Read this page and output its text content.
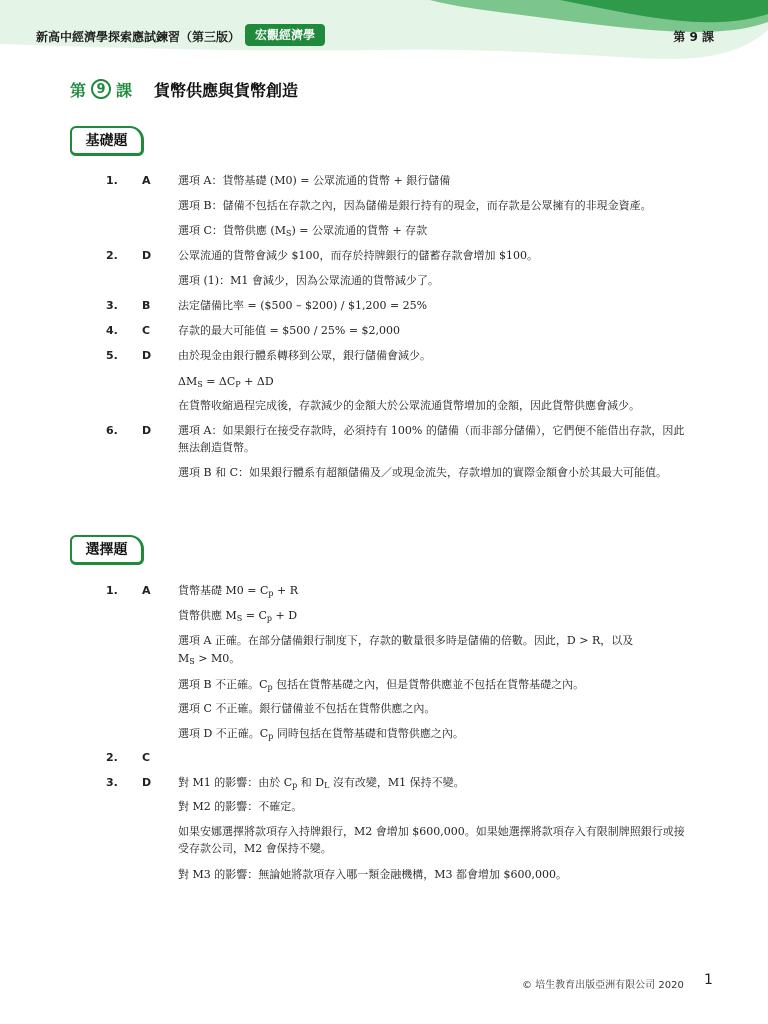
新高中經濟學探索應試鍊習（第三版）	宏觀經濟學	第 9 課
第 9 課 貨幣供應與貨幣創造
基礎題
1.	A 選項 A：貨幣基礎 (M0) = 公眾流通的貨幣 + 銀行儲備
選項 B：儲備不包括在存款之內，因為儲備是銀行持有的現金，而存款是公眾擁有的非現金資產。
選項 C：貨幣供應 $(M_S)$ = 公眾流通的貨幣 + 存款
2.	D 公眾流通的貨幣會減少 $100，而存於持牌銀行的儲蓄存款會增加 $100。
選項 (1)：M1 會減少，因為公眾流通的貨幣減少了。
3.	B	法定儲備比率 = ($500 – $200) / $1,200 = 25%
4.	C	存款的最大可能值 = $500 / 25% = $2,000
5.	D 由於現金由銀行體系轉移到公眾，銀行儲備會減少。
$\Delta M_S = \Delta C_P + \Delta D$
在貨幣收縮過程完成後，存款減少的金額大於公眾流通貨幣增加的金額，因此貨幣供應會減少。
6.	D 選項 A：如果銀行在接受存款時，必須持有 100% 的儲備（而非部分儲備），它們便不能借出存款，因此無法創造貨幣。
選項 B 和 C：如果銀行體系有超額儲備及／或現金流失，存款增加的實際金額會小於其最大可能值。
選擇題
1.	A 貨幣基礎 $M0 = C_p + R$
貨幣供應 $M_S = C_p + D$
選項 A 正確。在部分儲備銀行制度下，存款的數量很多時是儲備的倍數。因此，D > R，以及
$M_S > M0$。
選項 B 不正確。$C_p$ 包括在貨幣基礎之內，但是貨幣供應並不包括在貨幣基礎之內。
選項 C 不正確。銀行儲備並不包括在貨幣供應之內。
選項 D 不正確。$C_p$ 同時包括在貨幣基礎和貨幣供應之內。
2.	C
3.	D 對 M1 的影響：由於 $C_p$ 和 $D_L$ 沒有改變，M1 保持不變。
對 M2 的影響：不確定。
如果安娜選擇將款項存入持牌銀行，M2 會增加 $600,000。如果她選擇將款項存入有限制牌照銀行或接受存款公司，M2 會保持不變。
對 M3 的影響：無論她將款項存入哪一類金融機構，M3 都會增加 $600,000。
© 培生教育出版亞洲有限公司 2020 1
